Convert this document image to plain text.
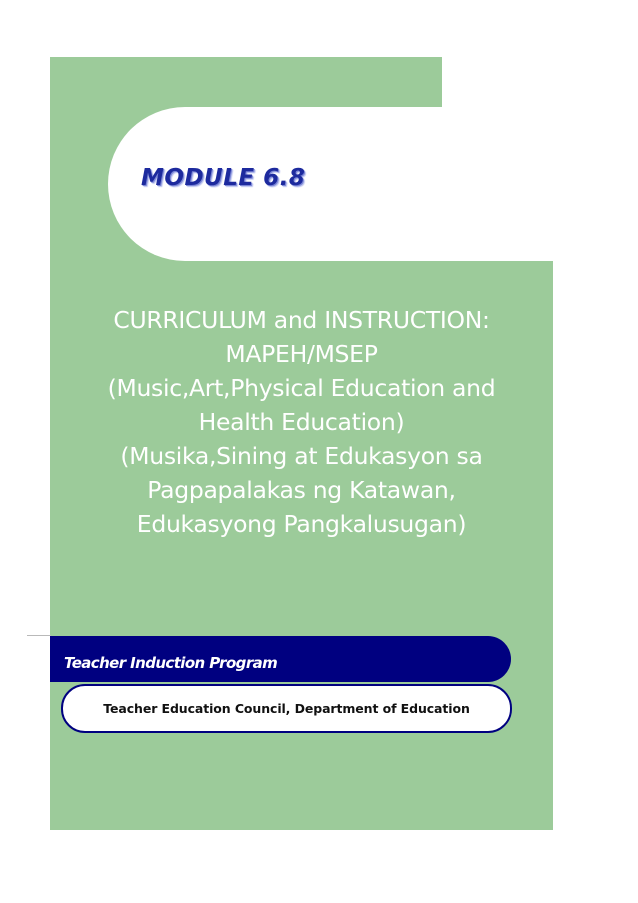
MODULE 6.8
CURRICULUM and INSTRUCTION:
MAPEH/MSEP
(Music,Art,Physical Education and
Health Education)
(Musika,Sining at Edukasyon sa
Pagpapalakas ng Katawan,
Edukasyong Pangkalusugan)
Teacher Induction Program
Teacher Education Council, Department of Education
